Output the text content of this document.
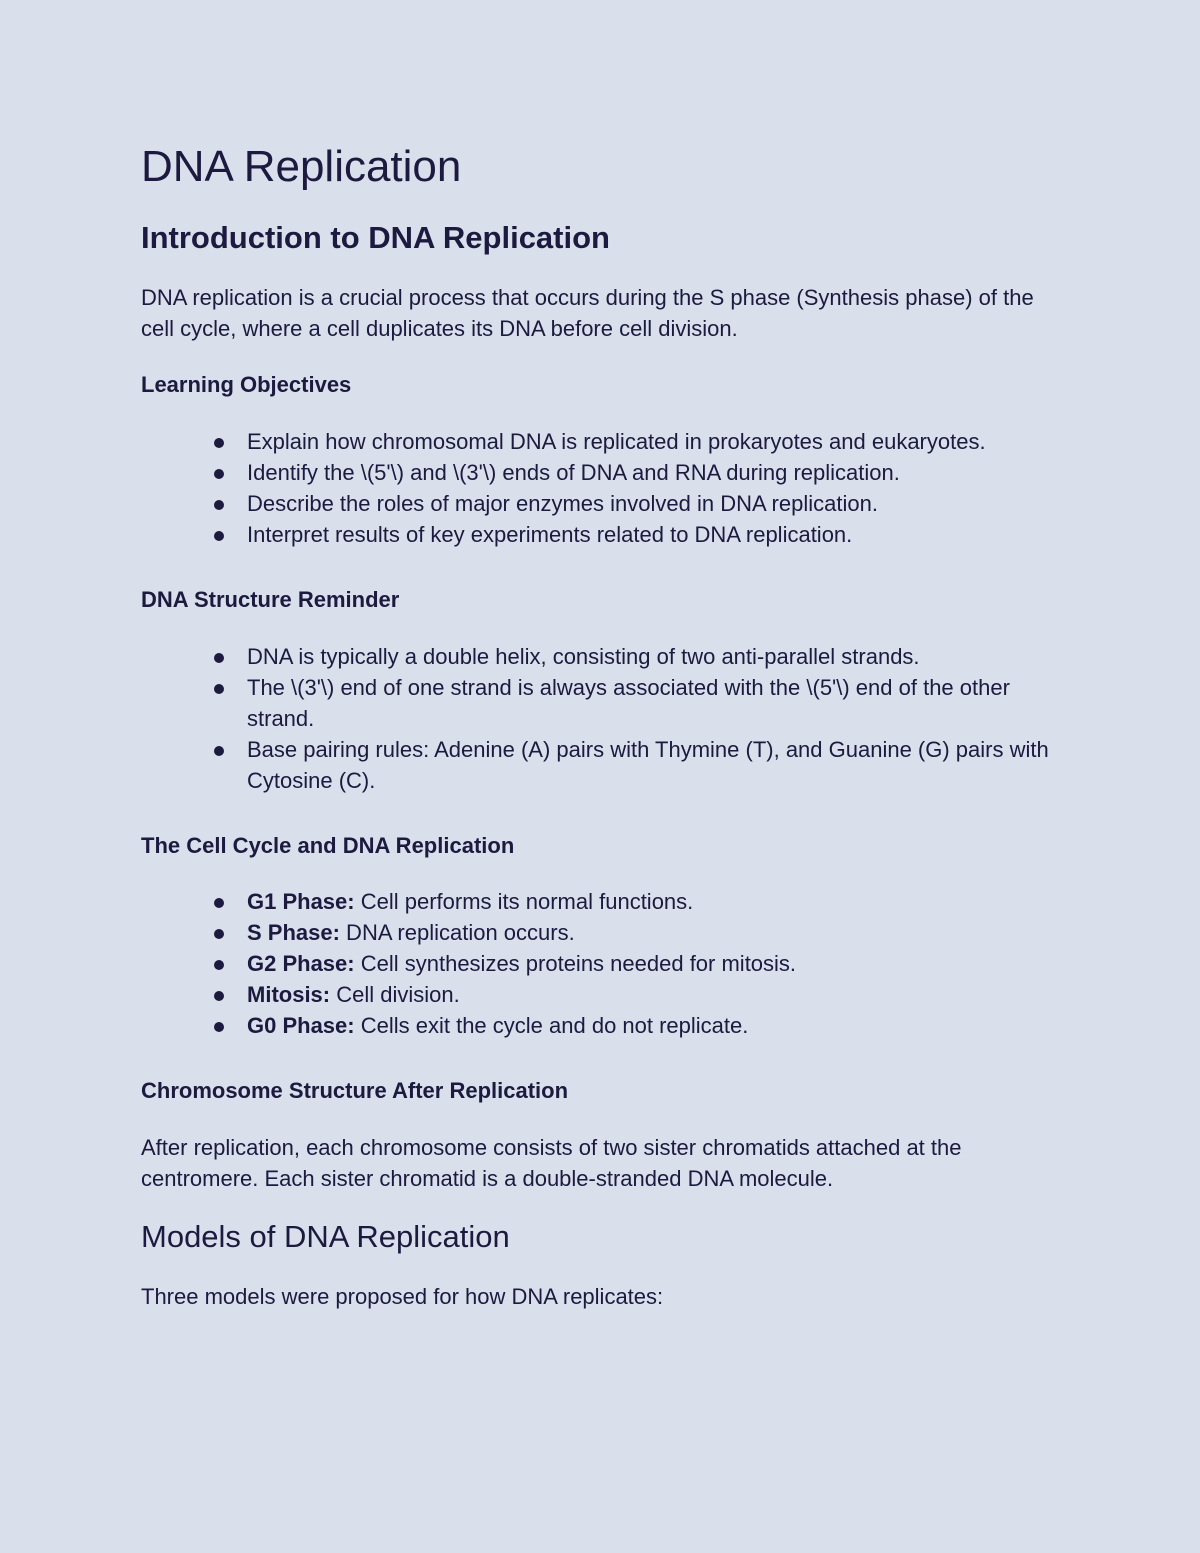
DNA Replication
Introduction to DNA Replication

DNA replication is a crucial process that occurs during the S phase (Synthesis phase) of the cell cycle, where a cell duplicates its DNA before cell division.

Learning Objectives
Explain how chromosomal DNA is replicated in prokaryotes and eukaryotes.
Identify the \(5'\) and \(3'\) ends of DNA and RNA during replication.
Describe the roles of major enzymes involved in DNA replication.
Interpret results of key experiments related to DNA replication.
DNA Structure Reminder
DNA is typically a double helix, consisting of two anti-parallel strands.
The \(3'\) end of one strand is always associated with the \(5'\) end of the other strand.
Base pairing rules: Adenine (A) pairs with Thymine (T), and Guanine (G) pairs with Cytosine (C).
The Cell Cycle and DNA Replication
G1 Phase: Cell performs its normal functions.
S Phase: DNA replication occurs.
G2 Phase: Cell synthesizes proteins needed for mitosis.
Mitosis: Cell division.
G0 Phase: Cells exit the cycle and do not replicate.
Chromosome Structure After Replication

After replication, each chromosome consists of two sister chromatids attached at the centromere. Each sister chromatid is a double-stranded DNA molecule.

Models of DNA Replication

Three models were proposed for how DNA replicates:
